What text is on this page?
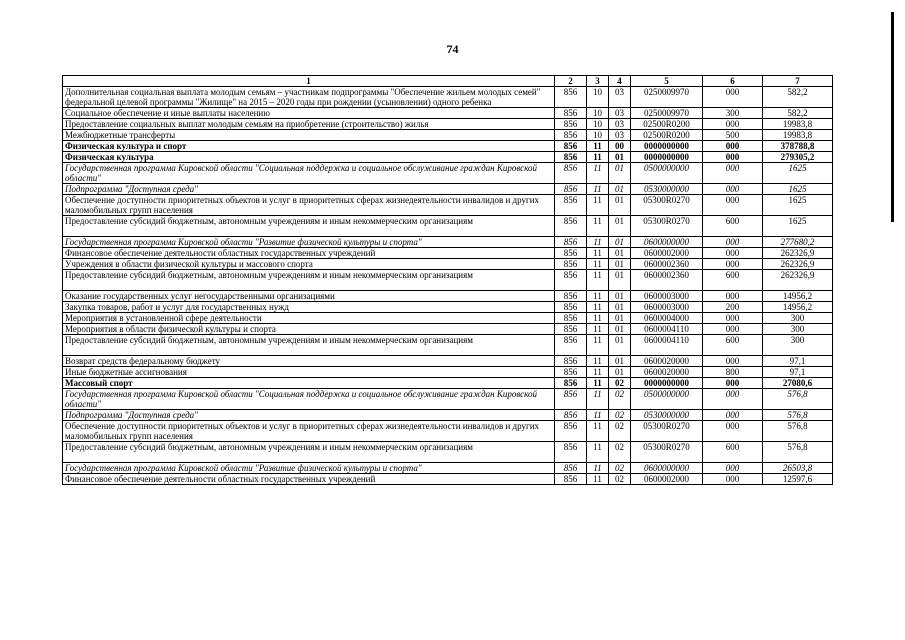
74
1	2	3	4	5	6	7
Дополнительная социальная выплата молодым семьям – участникам подпрограммы "Обеспечение жильем молодых семей" федеральной целевой программы "Жилище" на 2015 – 2020 годы при рождении (усыновлении) одного ребенка	856	10	03	0250009970	000	582,2
Социальное обеспечение и иные выплаты населению	856	10	03	0250009970	300	582,2
Предоставление социальных выплат молодым семьям на приобретение (строительство) жилья	856	10	03	02500R0200	000	19983,8
Межбюджетные трансферты	856	10	03	02500R0200	500	19983,8
Физическая культура и спорт	856	11	00	0000000000	000	378788,8
Физическая культура	856	11	01	0000000000	000	279305,2
Государственная программа Кировской области "Социальная поддержка и социальное обслуживание граждан Кировской области"	856	11	01	0500000000	000	1625
Подпрограмма "Доступная среда"	856	11	01	0530000000	000	1625
Обеспечение доступности приоритетных объектов и услуг в приоритетных сферах жизнедеятельности инвалидов и других маломобильных групп населения	856	11	01	05300R0270	000	1625
Предоставление субсидий бюджетным, автономным учреждениям и иным некоммерческим организациям	856	11	01	05300R0270	600	1625
Государственная программа Кировской области "Развитие физической культуры и спорта"	856	11	01	0600000000	000	277680,2
Финансовое обеспечение деятельности областных государственных учреждений	856	11	01	0600002000	000	262326,9
Учреждения в области физической культуры и массового спорта	856	11	01	0600002360	000	262326,9
Предоставление субсидий бюджетным, автономным учреждениям и иным некоммерческим организациям	856	11	01	0600002360	600	262326,9
Оказание государственных услуг негосударственными организациями	856	11	01	0600003000	000	14956,2
Закупка товаров, работ и услуг для государственных нужд	856	11	01	0600003000	200	14956,2
Мероприятия в установленной сфере деятельности	856	11	01	0600004000	000	300
Мероприятия в области физической культуры и спорта	856	11	01	0600004110	000	300
Предоставление субсидий бюджетным, автономным учреждениям и иным некоммерческим организациям	856	11	01	0600004110	600	300
Возврат средств федеральному бюджету	856	11	01	0600020000	000	97,1
Иные бюджетные ассигнования	856	11	01	0600020000	800	97,1
Массовый спорт	856	11	02	0000000000	000	27080,6
Государственная программа Кировской области "Социальная поддержка и социальное обслуживание граждан Кировской области"	856	11	02	0500000000	000	576,8
Подпрограмма "Доступная среда"	856	11	02	0530000000	000	576,8
Обеспечение доступности приоритетных объектов и услуг в приоритетных сферах жизнедеятельности инвалидов и других маломобильных групп населения	856	11	02	05300R0270	000	576,8
Предоставление субсидий бюджетным, автономным учреждениям и иным некоммерческим организациям	856	11	02	05300R0270	600	576,8
Государственная программа Кировской области "Развитие физической культуры и спорта"	856	11	02	0600000000	000	26503,8
Финансовое обеспечение деятельности областных государственных учреждений	856	11	02	0600002000	000	12597,6
